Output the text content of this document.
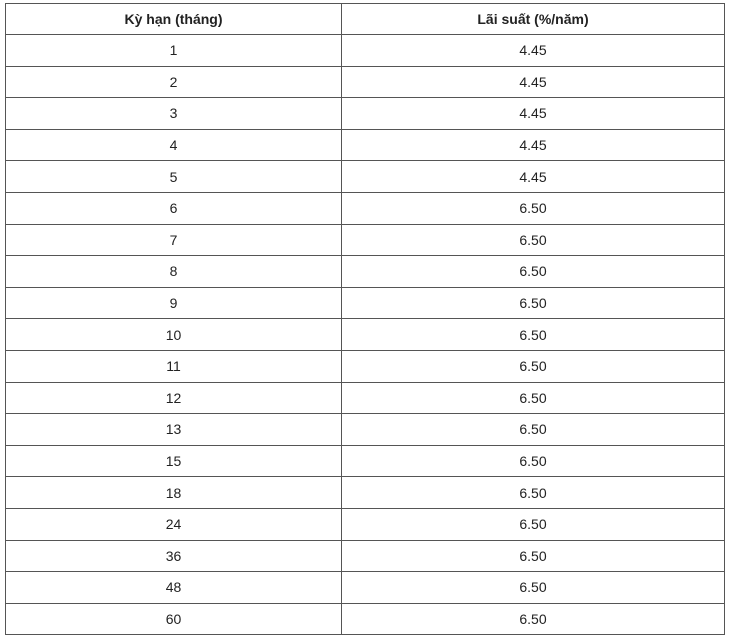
Kỳ hạn (tháng)	Lãi suất (%/năm)
1	4.45
2	4.45
3	4.45
4	4.45
5	4.45
6	6.50
7	6.50
8	6.50
9	6.50
10	6.50
11	6.50
12	6.50
13	6.50
15	6.50
18	6.50
24	6.50
36	6.50
48	6.50
60	6.50
